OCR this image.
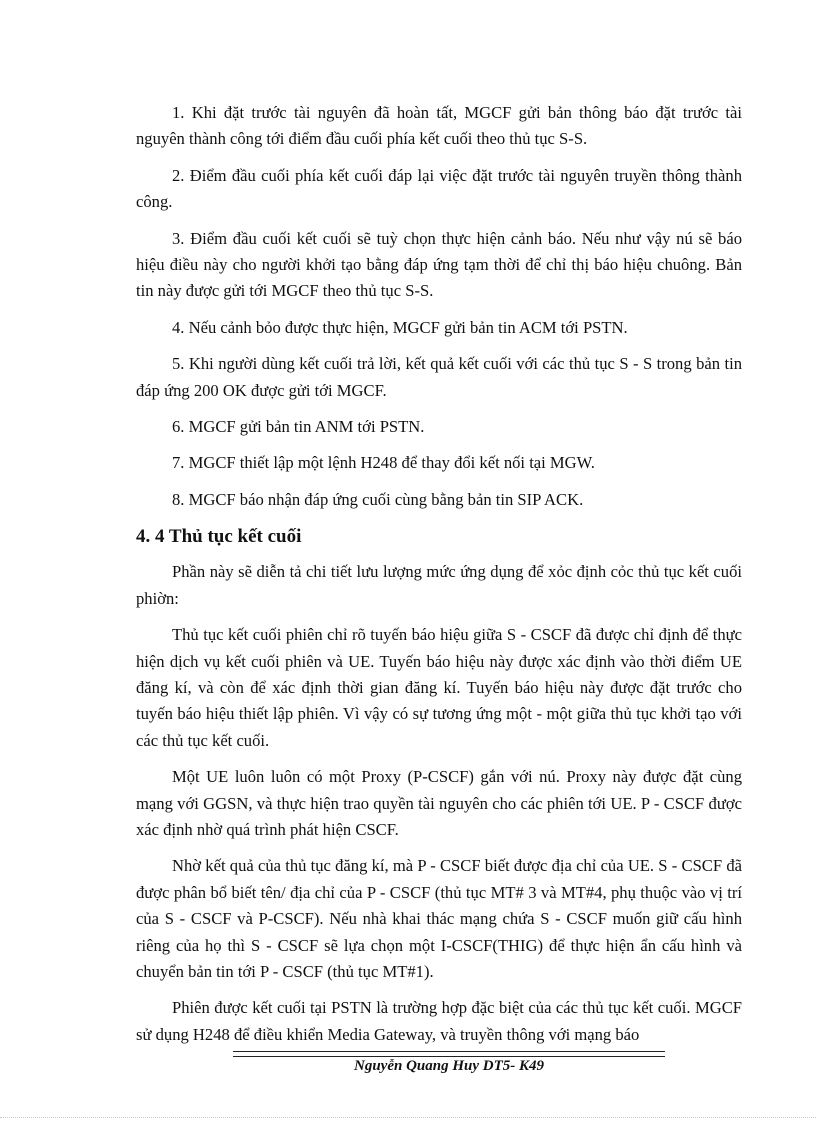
1. Khi đặt trước tài nguyên đã hoàn tất, MGCF gửi bản thông báo đặt trước tài nguyên thành công tới điểm đầu cuối phía kết cuối theo thủ tục S-S.

2. Điểm đầu cuối phía kết cuối đáp lại việc đặt trước tài nguyên truyền thông thành công.

3. Điểm đầu cuối kết cuối sẽ tuỳ chọn thực hiện cảnh báo. Nếu như vậy nú sẽ báo hiệu điều này cho người khởi tạo bằng đáp ứng tạm thời để chỉ thị báo hiệu chuông. Bản tin này được gửi tới MGCF theo thủ tục S-S.

4. Nếu cảnh bỏo được thực hiện, MGCF gửi bản tin ACM tới PSTN.

5. Khi người dùng kết cuối trả lời, kết quả kết cuối với các thủ tục S - S trong bản tin đáp ứng 200 OK được gửi tới MGCF.

6. MGCF gửi bản tin ANM tới PSTN.

7. MGCF thiết lập một lệnh H248 để thay đổi kết nối tại MGW.

8. MGCF báo nhận đáp ứng cuối cùng bằng bản tin SIP ACK.

4. 4 Thủ tục kết cuối

Phần này sẽ diễn tả chi tiết lưu lượng mức ứng dụng để xỏc định cỏc thủ tục kết cuối phiờn:

Thủ tục kết cuối phiên chỉ rõ tuyến báo hiệu giữa S - CSCF đã được chỉ định để thực hiện dịch vụ kết cuối phiên và UE. Tuyến báo hiệu này được xác định vào thời điểm UE đăng kí, và còn để xác định thời gian đăng kí. Tuyến báo hiệu này được đặt trước cho tuyến báo hiệu thiết lập phiên. Vì vậy có sự tương ứng một - một giữa thủ tục khởi tạo với các thủ tục kết cuối.

Một UE luôn luôn có một Proxy (P-CSCF) gắn với nú. Proxy này được đặt cùng mạng với GGSN, và thực hiện trao quyền tài nguyên cho các phiên tới UE. P - CSCF được xác định nhờ quá trình phát hiện CSCF.

Nhờ kết quả của thủ tục đăng kí, mà P - CSCF biết được địa chỉ của UE. S - CSCF đã được phân bổ biết tên/ địa chỉ của P - CSCF (thủ tục MT# 3 và MT#4, phụ thuộc vào vị trí của S - CSCF và P-CSCF). Nếu nhà khai thác mạng chứa S - CSCF muốn giữ cấu hình riêng của họ thì S - CSCF sẽ lựa chọn một I-CSCF(THIG) để thực hiện ẩn cấu hình và chuyển bản tin tới P - CSCF (thủ tục MT#1).

Phiên được kết cuối tại PSTN là trường hợp đặc biệt của các thủ tục kết cuối. MGCF sử dụng H248 để điều khiển Media Gateway, và truyền thông với mạng báo

Nguyễn Quang Huy DT5- K49
